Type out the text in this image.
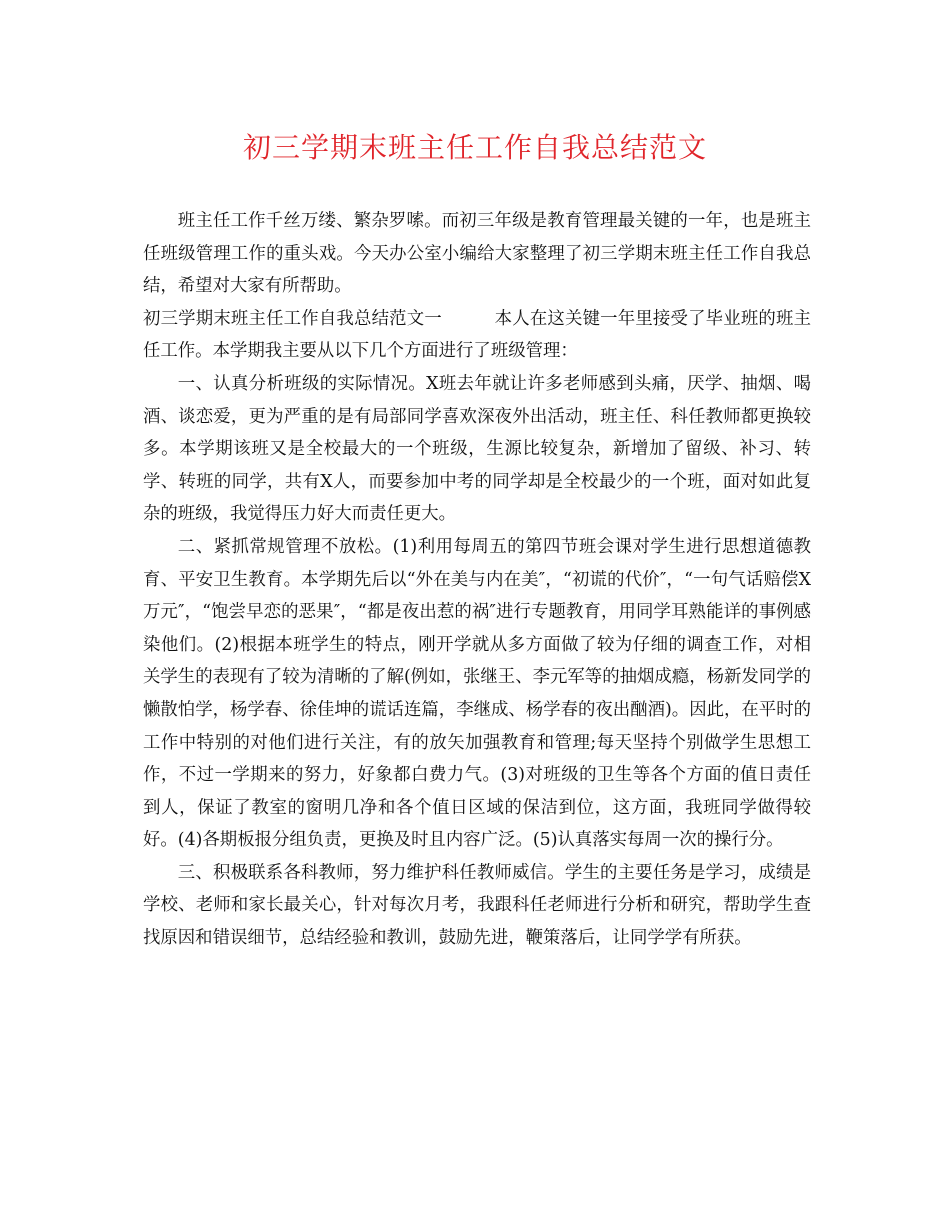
初三学期末班主任工作自我总结范文

班主任工作千丝万缕、繁杂罗嗦。而初三年级是教育管理最关键的一年，也是班主任班级管理工作的重头戏。今天办公室小编给大家整理了初三学期末班主任工作自我总结，希望对大家有所帮助。

初三学期末班主任工作自我总结范文一　　　本人在这关键一年里接受了毕业班的班主任工作。本学期我主要从以下几个方面进行了班级管理：

一、认真分析班级的实际情况。X班去年就让许多老师感到头痛，厌学、抽烟、喝酒、谈恋爱，更为严重的是有局部同学喜欢深夜外出活动，班主任、科任教师都更换较多。本学期该班又是全校最大的一个班级，生源比较复杂，新增加了留级、补习、转学、转班的同学，共有X人，而要参加中考的同学却是全校最少的一个班，面对如此复杂的班级，我觉得压力好大而责任更大。

二、紧抓常规管理不放松。(1)利用每周五的第四节班会课对学生进行思想道德教育、平安卫生教育。本学期先后以“外在美与内在美″，“初谎的代价″，“一句气话赔偿X万元″，“饱尝早恋的恶果″，“都是夜出惹的祸″进行专题教育，用同学耳熟能详的事例感染他们。(2)根据本班学生的特点，刚开学就从多方面做了较为仔细的调查工作，对相关学生的表现有了较为清晰的了解(例如，张继王、李元军等的抽烟成瘾，杨新发同学的懒散怕学，杨学春、徐佳坤的谎话连篇，李继成、杨学春的夜出酗酒)。因此，在平时的工作中特别的对他们进行关注，有的放矢加强教育和管理;每天坚持个别做学生思想工作，不过一学期来的努力，好象都白费力气。(3)对班级的卫生等各个方面的值日责任到人，保证了教室的窗明几净和各个值日区域的保洁到位，这方面，我班同学做得较好。(4)各期板报分组负责，更换及时且内容广泛。(5)认真落实每周一次的操行分。

三、积极联系各科教师，努力维护科任教师威信。学生的主要任务是学习，成绩是学校、老师和家长最关心，针对每次月考，我跟科任老师进行分析和研究，帮助学生查找原因和错误细节，总结经验和教训，鼓励先进，鞭策落后，让同学学有所获。
